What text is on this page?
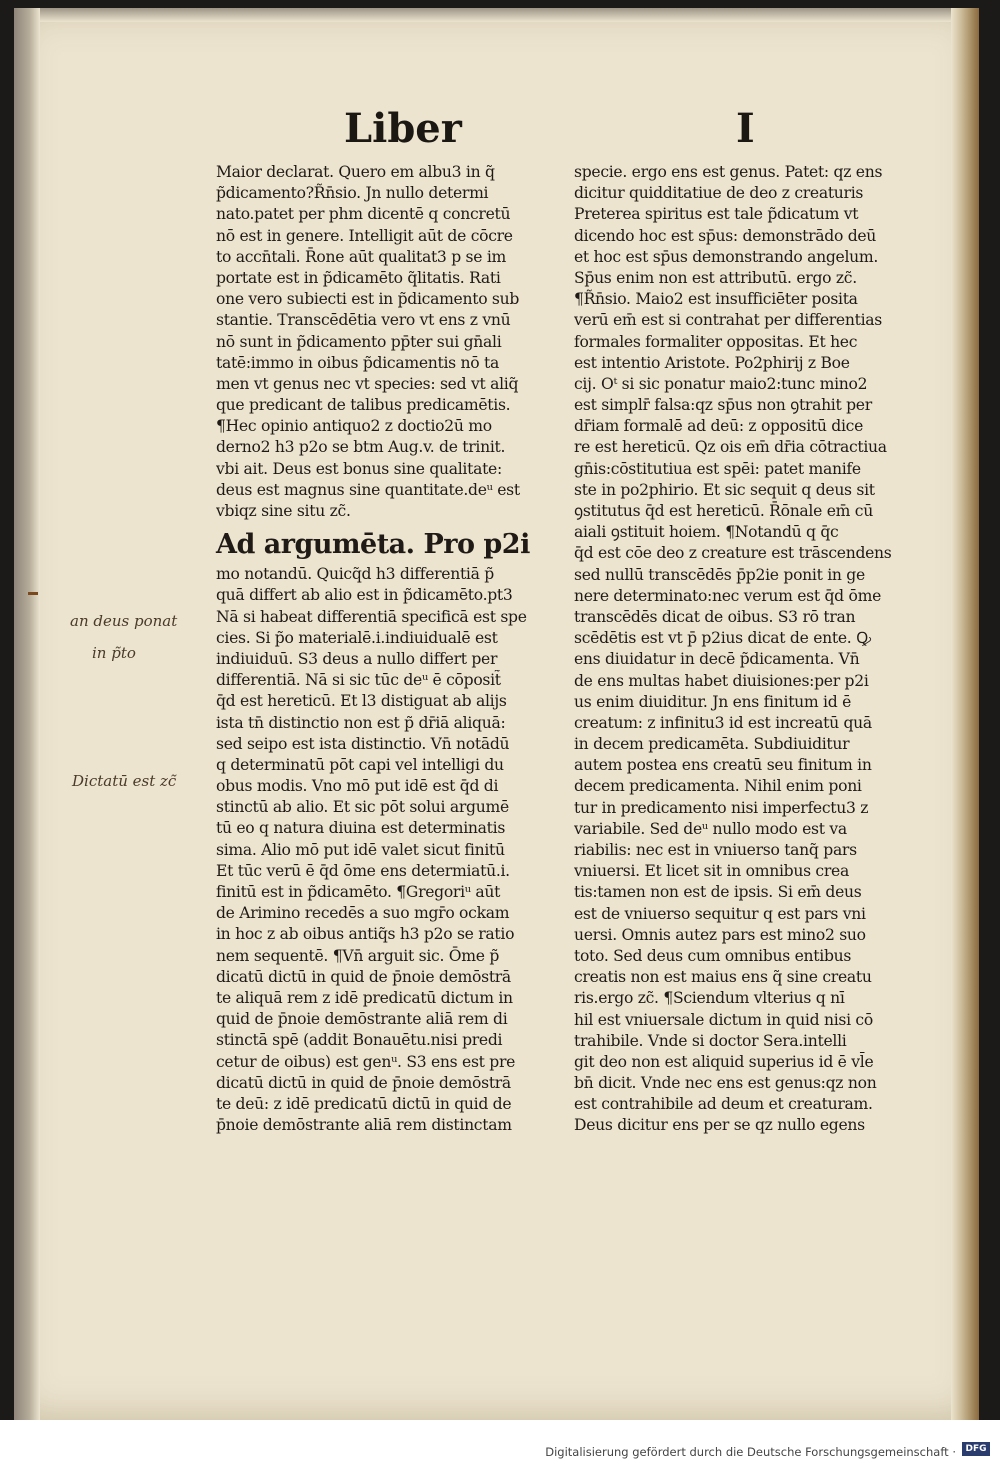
Liber	I
an deus ponat
in p̃to
Dictatū est zc̃
Maior declarat. Quero em albu3 in q̃
p̃dicamento?R̃n̄sio. Jn nullo determi
nato.patet per phm dicentē q concretū
nō est in genere. Intelligit aūt de cōcre
to accn̄tali. R̄one aūt qualitat3 p se im
portate est in p̃dicamēto q̃litatis. Rati
one vero subiecti est in p̃dicamento sub
stantie. Transcēdētia vero vt ens z vnū
nō sunt in p̃dicamento pp̄ter sui gn̄ali
tatē:immo in oibus p̃dicamentis nō ta
men vt genus nec vt species: sed vt aliq̃
que predicant de talibus predicamētis.
¶Hec opinio antiquo2 z doctio2ū mo
derno2 h3 p2o se btm Aug.v. de trinit.
vbi ait. Deus est bonus sine qualitate:
deus est magnus sine quantitate.deᵘ est
vbiqz sine situ zc̃.
Ad argumēta. Pro p2i
mo notandū. Quicq̃d h3 differentiā p̃
quā differt ab alio est in p̃dicamēto.pt3
Nā si habeat differentiā specificā est spe
cies. Si p̃o materialē.i.indiuidualē est
indiuiduū. S3 deus a nullo differt per
differentiā. Nā si sic tūc deᵘ ē cōposit̃
q̄d est hereticū. Et l3 distiguat ab alijs
ista tn̄ distinctio non est p̃ dr̄iā aliquā:
sed seipo est ista distinctio. Vn̄ notādū
q determinatū pōt capi vel intelligi du
obus modis. Vno mō put idē est q̄d di
stinctū ab alio. Et sic pōt solui argumē
tū eo q natura diuina est determinatis
sima. Alio mō put idē valet sicut finitū
Et tūc verū ē q̄d ōme ens determiatū.i.
finitū est in p̃dicamēto. ¶Gregoriᵘ aūt
de Arimino recedēs a suo mgr̄o ockam
in hoc z ab oibus antiq̃s h3 p2o se ratio
nem sequentē. ¶Vn̄ arguit sic. Ōme p̃
dicatū dictū in quid de p̄noie demōstrā
te aliquā rem z idē predicatū dictum in
quid de p̄noie demōstrante aliā rem di
stinctā spē (addit Bonauētu.nisi predi
cetur de oibus) est genᵘ. S3 ens est pre
dicatū dictū in quid de p̄noie demōstrā
te deū: z idē predicatū dictū in quid de
p̄noie demōstrante aliā rem distinctam
specie. ergo ens est genus. Patet: qz ens
dicitur quidditatiue de deo z creaturis
Preterea spiritus est tale p̃dicatum vt
dicendo hoc est sp̄us: demonstrādo deū
et hoc est sp̄us demonstrando angelum.
Sp̄us enim non est attributū. ergo zc̃.
¶R̃n̄sio. Maio2 est insufficiēter posita
verū em̄ est si contrahat per differentias
formales formaliter oppositas. Et hec
est intentio Aristote. Po2phirij z Boe
cij. Oᵗ si sic ponatur maio2:tunc mino2
est simplr̄ falsa:qz sp̄us non ꝯtrahit per
dr̄iam formalē ad deū: z oppositū dice
re est hereticū. Qz ois em̄ dr̄ia cōtractiua
gn̄is:cōstitutiua est spēi: patet manife
ste in po2phirio. Et sic sequit q deus sit
ꝯstitutus q̄d est hereticū. R̄ōnale em̄ cū
aiali ꝯstituit hoiem. ¶Notandū q q̄c
q̄d est cōe deo z creature est trāscendens
sed nullū transcēdēs p̄p2ie ponit in ge
nere determinato:nec verum est q̄d ōme
transcēdēs dicat de oibus. S3 rō tran
scēdētis est vt p̄ p2ius dicat de ente. Ꝙ
ens diuidatur in decē p̃dicamenta. Vn̄
de ens multas habet diuisiones:per p2i
us enim diuiditur. Jn ens finitum id ē
creatum: z infinitu3 id est increatū quā
in decem predicamēta. Subdiuiditur
autem postea ens creatū seu finitum in
decem predicamenta. Nihil enim poni
tur in predicamento nisi imperfectu3 z
variabile. Sed deᵘ nullo modo est va
riabilis: nec est in vniuerso tanq̃ pars
vniuersi. Et licet sit in omnibus crea
tis:tamen non est de ipsis. Si em̄ deus
est de vniuerso sequitur q est pars vni
uersi. Omnis autez pars est mino2 suo
toto. Sed deus cum omnibus entibus
creatis non est maius ens q̃ sine creatu
ris.ergo zc̃. ¶Sciendum vlterius q nī
hil est vniuersale dictum in quid nisi cō
trahibile. Vnde si doctor Sera.intelli
git deo non est aliquid superius id ē vl̄e
bn̄ dicit. Vnde nec ens est genus:qz non
est contrahibile ad deum et creaturam.
Deus dicitur ens per se qz nullo egens
Digitalisierung gefördert durch die Deutsche Forschungsgemeinschaft ·	DFG
